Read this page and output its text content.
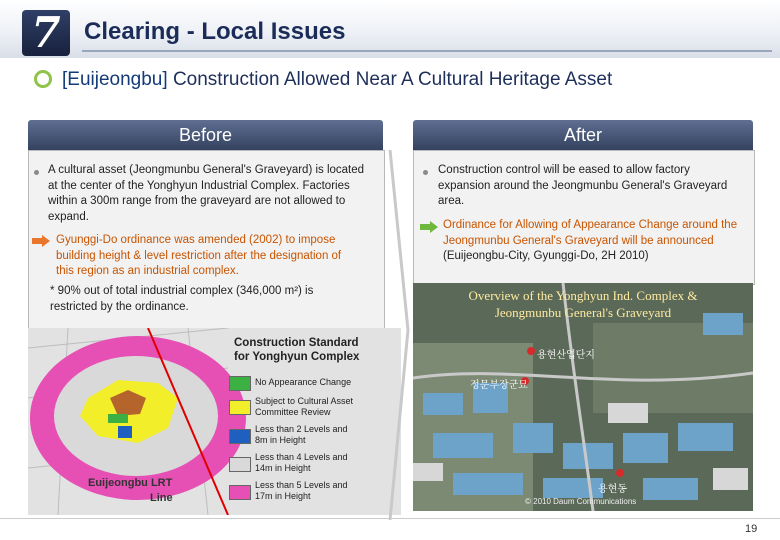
7 Clearing - Local Issues
[Euijeongbu] Construction Allowed Near A Cultural Heritage Asset
Before
A cultural asset (Jeongmunbu General's Graveyard) is located at the center of the Yonghyun Industrial Complex. Factories within a 300m range from the graveyard are not allowed to expand.
Gyunggi-Do ordinance was amended (2002) to impose building height & level restriction after the designation of this region as an industrial complex.
* 90% out of total industrial complex (346,000 m²) is restricted by the ordinance.
Construction Standard
for Yonghyun Complex
No Appearance Change
Subject to Cultural Asset
Committee Review
Less than 2 Levels and
8m in Height
Less than 4 Levels and
14m in Height
Less than 5 Levels and
17m in Height
Euijeongbu LRT
Line
After
Construction control will be eased to allow factory expansion around the Jeongmunbu General's Graveyard area.
Ordinance for Allowing of Appearance Change around the Jeongmunbu General's Graveyard will be announced (Euijeongbu-City, Gyunggi-Do, 2H 2010)
Overview of the Yonghyun Ind. Complex &
Jeongmunbu General's Graveyard
용현산업단지
정문부장군묘
용현동
© 2010 Daum Communications
19
